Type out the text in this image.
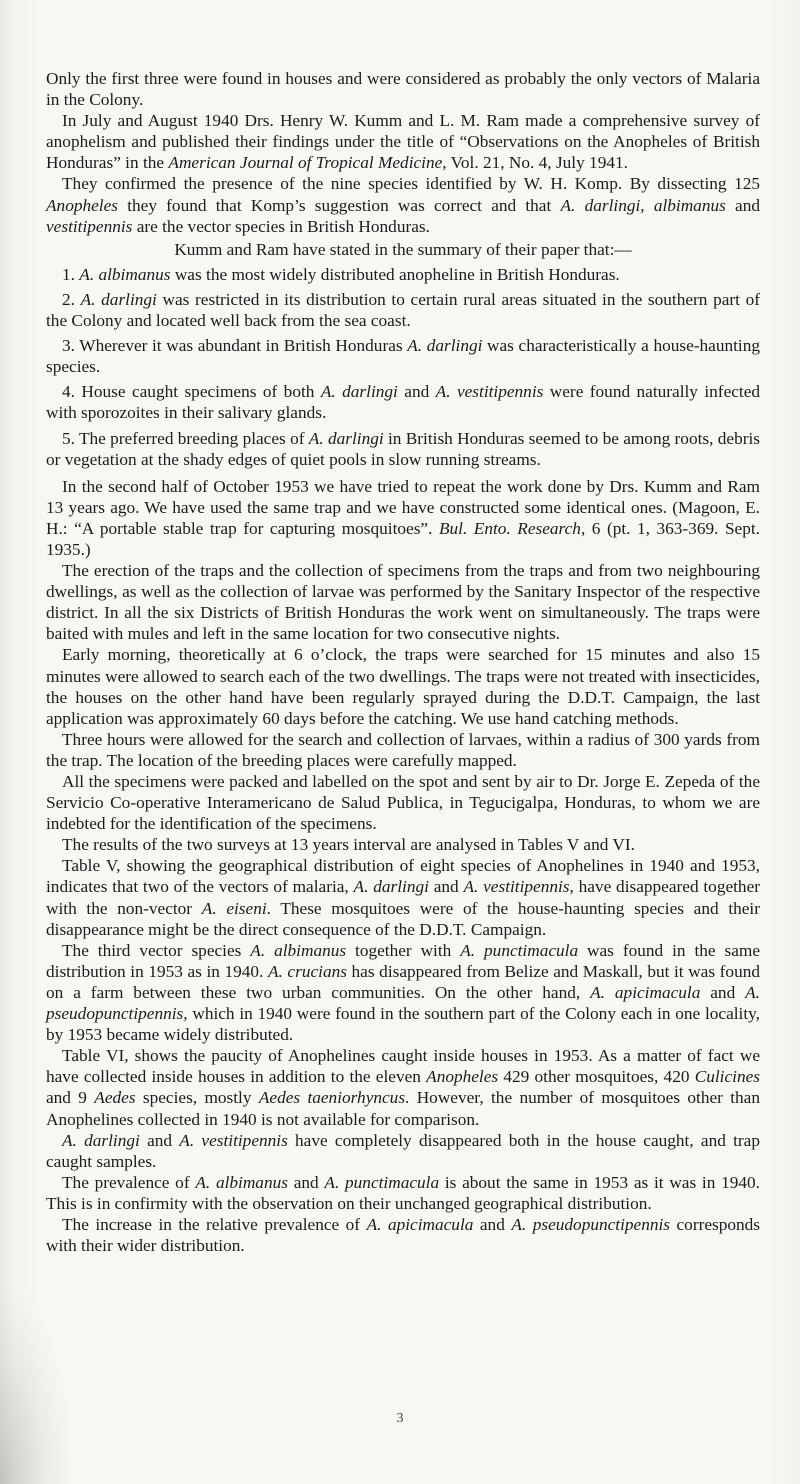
Only the first three were found in houses and were considered as probably the only vectors of Malaria in the Colony.

In July and August 1940 Drs. Henry W. Kumm and L. M. Ram made a comprehensive survey of anophelism and published their findings under the title of “Observations on the Anopheles of British Honduras” in the American Journal of Tropical Medicine, Vol. 21, No. 4, July 1941.

They confirmed the presence of the nine species identified by W. H. Komp. By dissecting 125 Anopheles they found that Komp’s suggestion was correct and that A. darlingi, albimanus and vestitipennis are the vector species in British Honduras.

Kumm and Ram have stated in the summary of their paper that:—

1. A. albimanus was the most widely distributed anopheline in British Honduras.

2. A. darlingi was restricted in its distribution to certain rural areas situated in the southern part of the Colony and located well back from the sea coast.

3. Wherever it was abundant in British Honduras A. darlingi was characteristically a house-haunting species.

4. House caught specimens of both A. darlingi and A. vestitipennis were found naturally infected with sporozoites in their salivary glands.

5. The preferred breeding places of A. darlingi in British Honduras seemed to be among roots, debris or vegetation at the shady edges of quiet pools in slow running streams.

In the second half of October 1953 we have tried to repeat the work done by Drs. Kumm and Ram 13 years ago. We have used the same trap and we have constructed some identical ones. (Magoon, E. H.: “A portable stable trap for capturing mosquitoes”. Bul. Ento. Research, 6 (pt. 1, 363-369. Sept. 1935.)

The erection of the traps and the collection of specimens from the traps and from two neighbouring dwellings, as well as the collection of larvae was performed by the Sanitary Inspector of the respective district. In all the six Districts of British Honduras the work went on simultaneously. The traps were baited with mules and left in the same location for two consecutive nights.

Early morning, theoretically at 6 o’clock, the traps were searched for 15 minutes and also 15 minutes were allowed to search each of the two dwellings. The traps were not treated with insecticides, the houses on the other hand have been regularly sprayed during the D.D.T. Campaign, the last application was approximately 60 days before the catching. We use hand catching methods.

Three hours were allowed for the search and collection of larvaes, within a radius of 300 yards from the trap. The location of the breeding places were carefully mapped.

All the specimens were packed and labelled on the spot and sent by air to Dr. Jorge E. Zepeda of the Servicio Co-operative Interamericano de Salud Publica, in Tegucigalpa, Honduras, to whom we are indebted for the identification of the specimens.

The results of the two surveys at 13 years interval are analysed in Tables V and VI.

Table V, showing the geographical distribution of eight species of Anophelines in 1940 and 1953, indicates that two of the vectors of malaria, A. darlingi and A. vestitipennis, have disappeared together with the non-vector A. eiseni. These mosquitoes were of the house-haunting species and their disappearance might be the direct consequence of the D.D.T. Campaign.

The third vector species A. albimanus together with A. punctimacula was found in the same distribution in 1953 as in 1940. A. crucians has disappeared from Belize and Maskall, but it was found on a farm between these two urban communities. On the other hand, A. apicimacula and A. pseudopunctipennis, which in 1940 were found in the southern part of the Colony each in one locality, by 1953 became widely distributed.

Table VI, shows the paucity of Anophelines caught inside houses in 1953. As a matter of fact we have collected inside houses in addition to the eleven Anopheles 429 other mosquitoes, 420 Culicines and 9 Aedes species, mostly Aedes taeniorhyncus. However, the number of mosquitoes other than Anophelines collected in 1940 is not available for comparison.

A. darlingi and A. vestitipennis have completely disappeared both in the house caught, and trap caught samples.

The prevalence of A. albimanus and A. punctimacula is about the same in 1953 as it was in 1940. This is in confirmity with the observation on their unchanged geographical distribution.

The increase in the relative prevalence of A. apicimacula and A. pseudopunctipennis corresponds with their wider distribution.

3
